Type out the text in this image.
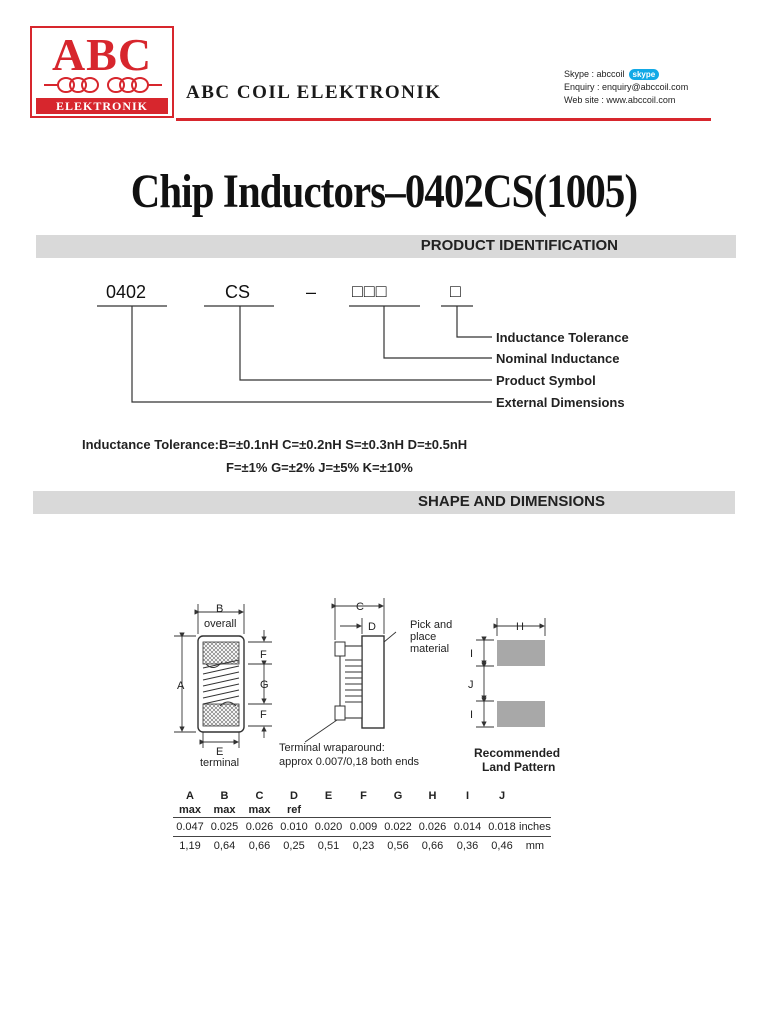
ABC
ELEKTRONIK
ABC COIL ELEKTRONIK
Skype : abccoil skype
Enquiry : enquiry@abccoil.com
Web site : www.abccoil.com
Chip Inductors–0402CS(1005)
PRODUCT IDENTIFICATION
0402	CS	– □□□	□
Inductance Tolerance
Nominal Inductance
Product Symbol
External Dimensions
Inductance Tolerance:B=±0.1nH C=±0.2nH S=±0.3nH D=±0.5nH
F=±1% G=±2% J=±5% K=±10%
SHAPE AND DIMENSIONS
B
overall
A
F
G
F
E
terminal
C
D	Pick and
place
material
Terminal wraparound:
approx 0.007/0,18 both ends
H
I
J
I
Recommended
Land Pattern
A	B	C	D	E	F	G	H	I	J	
max	max	max	ref							
0.047	0.025	0.026	0.010	0.020	0.009	0.022	0.026	0.014	0.018	inches
1,19	0,64	0,66	0,25	0,51	0,23	0,56	0,66	0,36	0,46	mm
